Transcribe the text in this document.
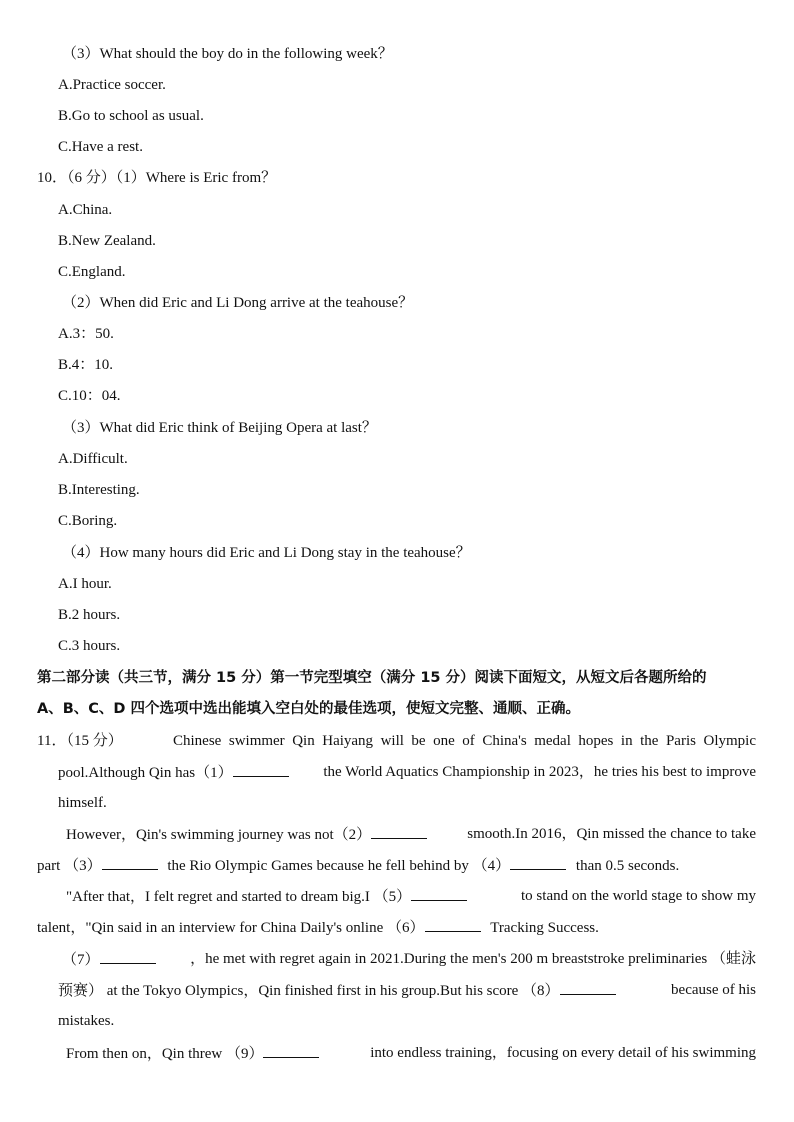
（3）What should the boy do in the following week？
A.Practice soccer.
B.Go to school as usual.
C.Have a rest.
10．（6 分）（1）Where is Eric from？
A.China.
B.New Zealand.
C.England.
（2）When did Eric and Li Dong arrive at the teahouse？
A.3：50.
B.4：10.
C.10：04.
（3）What did Eric think of Beijing Opera at last？
A.Difficult.
B.Interesting.
C.Boring.
（4）How many hours did Eric and Li Dong stay in the teahouse？
A.I hour.
B.2 hours.
C.3 hours.
第二部分读（共三节，满分 15 分）第一节完型填空（满分 15 分）阅读下面短文，从短文后各题所给的
A、B、C、D 四个选项中选出能填入空白处的最佳选项，使短文完整、通顺、正确。
11．（15 分）	Chinese swimmer Qin Haiyang will be one of China's medal hopes in the Paris Olympic
pool.Although Qin has（1）	the World Aquatics Championship in 2023，he tries his best to improve
himself.
However，Qin's swimming journey was not（2）	smooth.In 2016，Qin missed the chance to take
part （3）	the Rio Olympic Games because he fell behind by （4）	than 0.5 seconds.
"After that，I felt regret and started to dream big.I （5）	to stand on the world stage to show my
talent，"Qin said in an interview for China Daily's online （6）	Tracking Success.
（7）	，he met with regret again in 2021.During the men's 200 m breaststroke preliminaries （蛙泳
预赛） at the Tokyo Olympics，Qin finished first in his group.But his score （8）	because of his
mistakes.
From then on，Qin threw （9）	into endless training，focusing on every detail of his swimming
